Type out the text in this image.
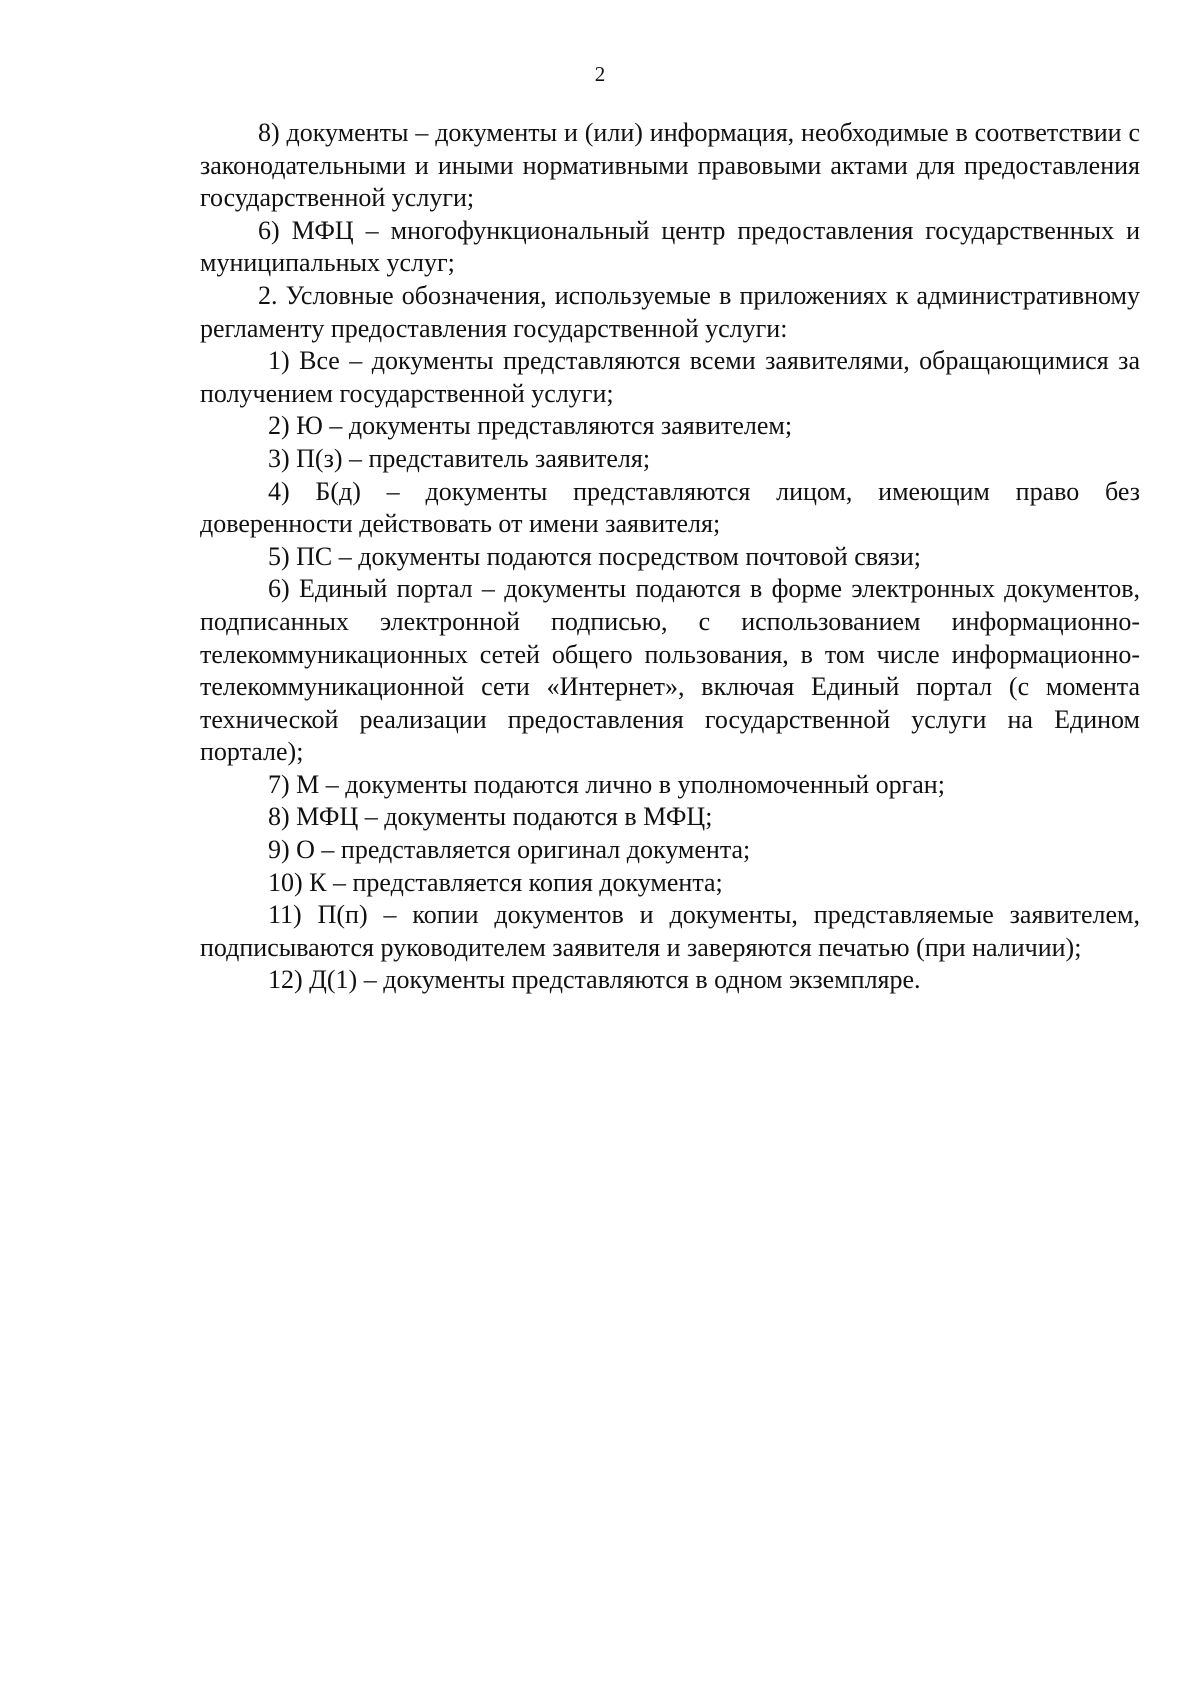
2

8) документы – документы и (или) информация, необходимые в соответствии с законодательными и иными нормативными правовыми актами для предоставления государственной услуги;

6) МФЦ – многофункциональный центр предоставления государственных и муниципальных услуг;

2. Условные обозначения, используемые в приложениях к административному регламенту предоставления государственной услуги:

1) Все – документы представляются всеми заявителями, обращающимися за получением государственной услуги;

2) Ю – документы представляются заявителем;

3) П(з) – представитель заявителя;

4) Б(д) – документы представляются лицом, имеющим право без доверенности действовать от имени заявителя;

5) ПС – документы подаются посредством почтовой связи;

6) Единый портал – документы подаются в форме электронных документов, подписанных электронной подписью, с использованием информационно-телекоммуникационных сетей общего пользования, в том числе информационно-телекоммуникационной сети «Интернет», включая Единый портал (с момента технической реализации предоставления государственной услуги на Едином портале);

7) М – документы подаются лично в уполномоченный орган;

8) МФЦ – документы подаются в МФЦ;

9) О – представляется оригинал документа;

10) К – представляется копия документа;

11) П(п) – копии документов и документы, представляемые заявителем, подписываются руководителем заявителя и заверяются печатью (при наличии);

12) Д(1) – документы представляются в одном экземпляре.
